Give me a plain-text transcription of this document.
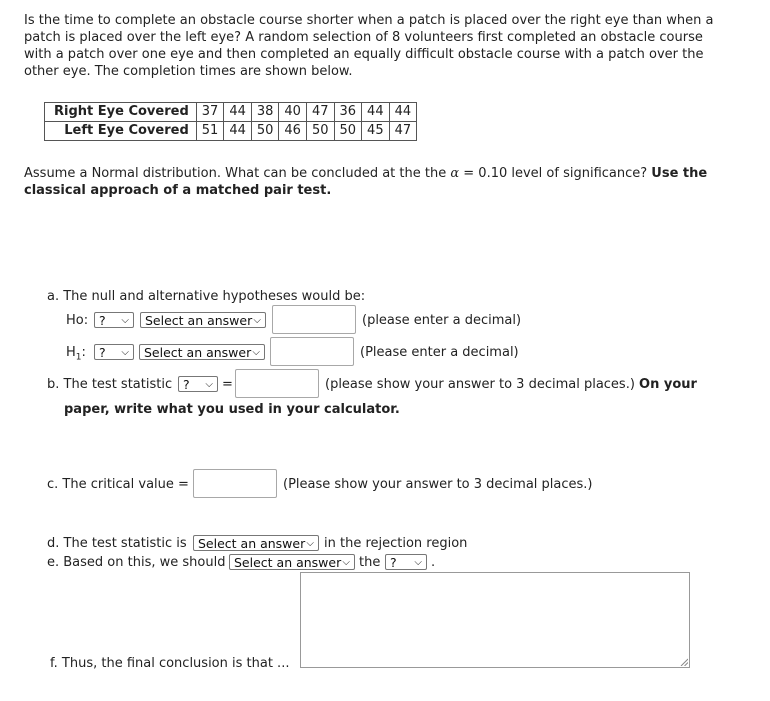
Is the time to complete an obstacle course shorter when a patch is placed over the right eye than when a
patch is placed over the left eye? A random selection of 8 volunteers first completed an obstacle course
with a patch over one eye and then completed an equally difficult obstacle course with a patch over the
other eye. The completion times are shown below.
Right Eye Covered	37	44	38	40	47	36	44	44
Left Eye Covered	51	44	50	46	50	50	45	47
Assume a Normal distribution. What can be concluded at the the α = 0.10 level of significance? Use the
classical approach of a matched pair test.
a. The null and alternative hypotheses would be:
Ho: ? ⌵	Select an answer ⌵	(please enter a decimal)
$H_1$:	? ⌵	Select an answer ⌵	(Please enter a decimal)
b. The test statistic ? ⌵ =	(please show your answer to 3 decimal places.) On your
paper, write what you used in your calculator.
c. The critical value =	(Please show your answer to 3 decimal places.)
d. The test statistic is Select an answer ⌵ in the rejection region
e. Based on this, we should Select an answer ⌵ the ? ⌵ .
f. Thus, the final conclusion is that ...
